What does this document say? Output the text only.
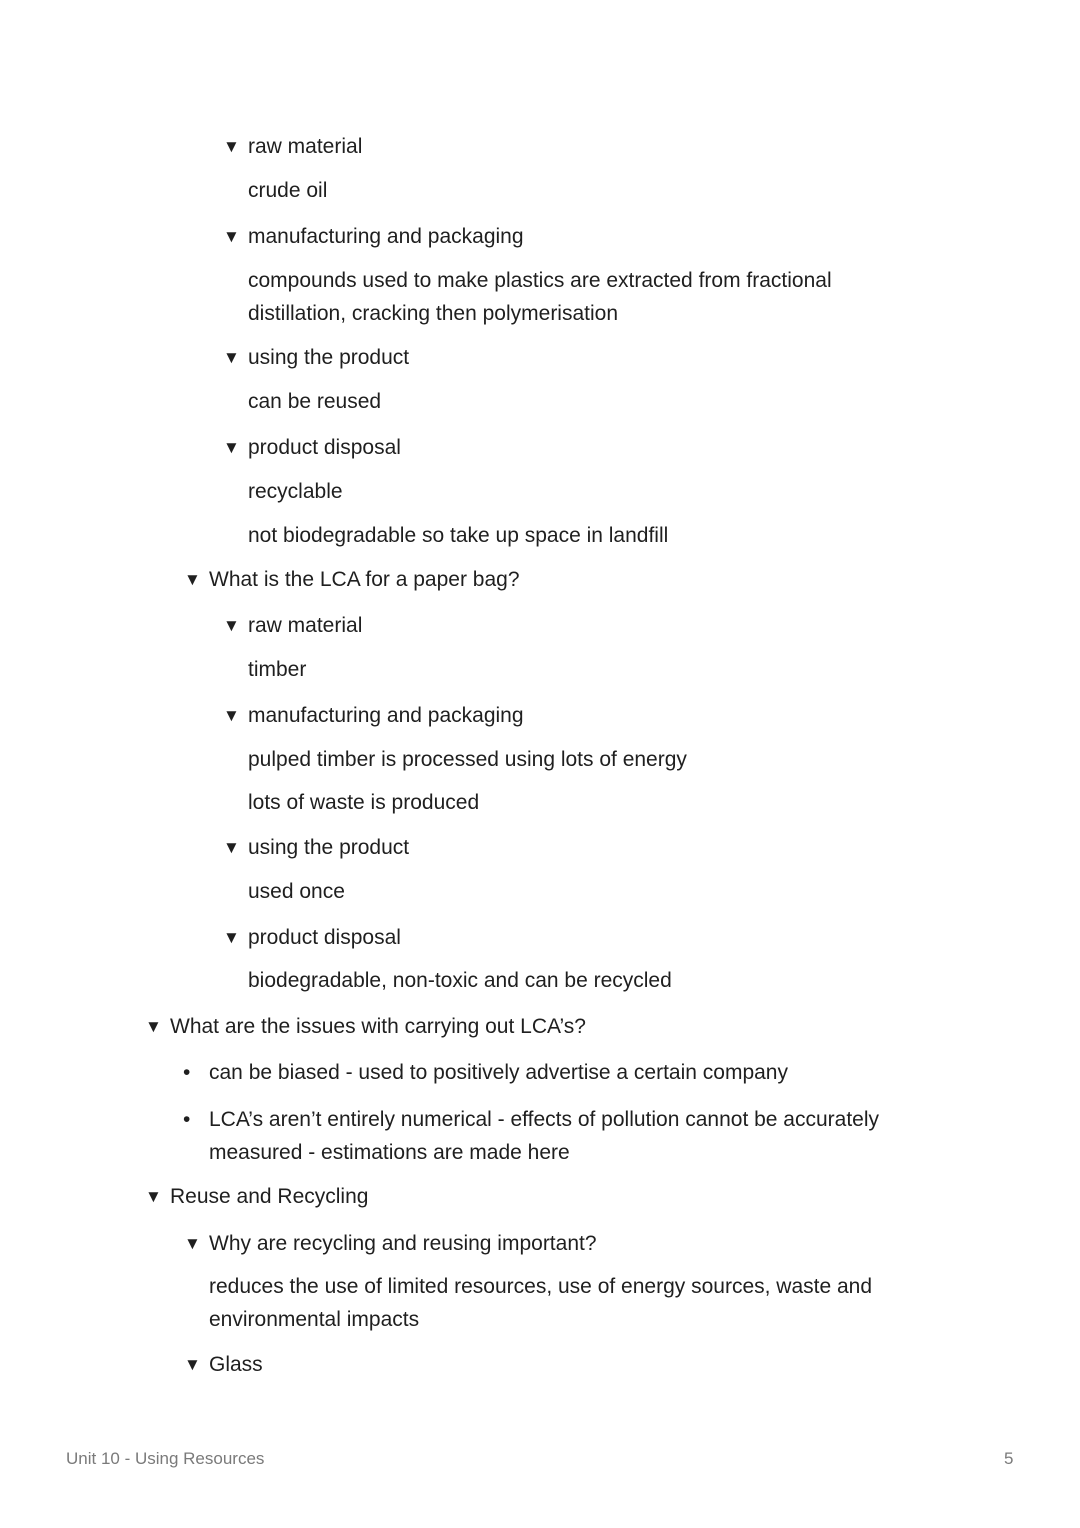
▼ raw material
crude oil
▼ manufacturing and packaging
compounds used to make plastics are extracted from fractional
distillation, cracking then polymerisation
▼ using the product
can be reused
▼ product disposal
recyclable
not biodegradable so take up space in landfill
▼ What is the LCA for a paper bag?
▼ raw material
timber
▼ manufacturing and packaging
pulped timber is processed using lots of energy
lots of waste is produced
▼ using the product
used once
▼ product disposal
biodegradable, non-toxic and can be recycled
▼ What are the issues with carrying out LCA’s?
• can be biased - used to positively advertise a certain company
• LCA’s aren’t entirely numerical - effects of pollution cannot be accurately
measured - estimations are made here
▼ Reuse and Recycling
▼ Why are recycling and reusing important?
reduces the use of limited resources, use of energy sources, waste and
environmental impacts
▼ Glass
Unit 10 - Using Resources	5
